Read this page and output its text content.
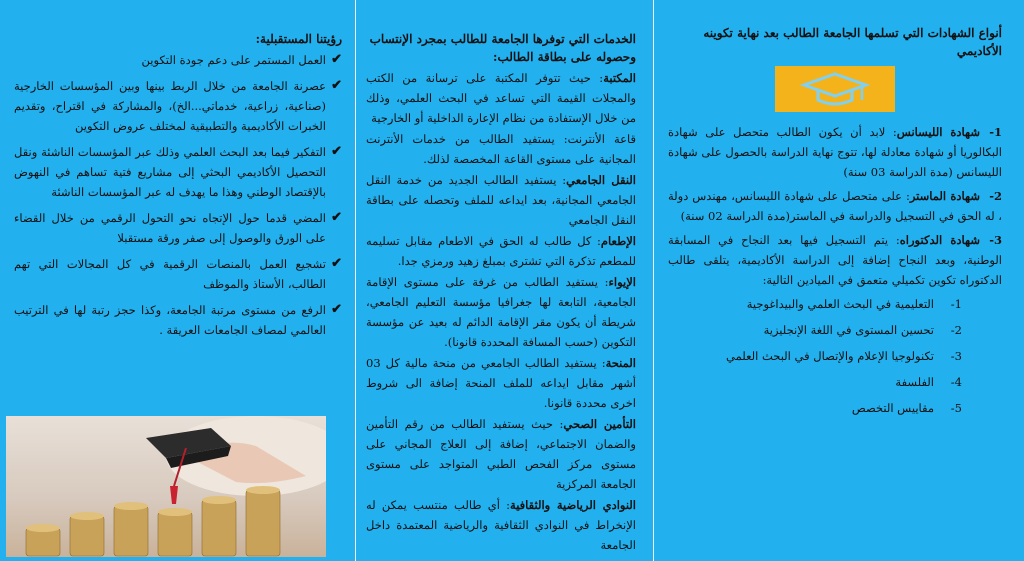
أنواع الشهادات التي تسلمها الجامعة الطالب بعد نهاية تكوينه الأكاديمي
1-شهادة الليسانس: لابد أن يكون الطالب متحصل على شهادة البكالوريا أو شهادة معادلة لها، تتوج نهاية الدراسة بالحصول على شهادة الليسانس (مدة الدراسة 03 سنة)
2-شهادة الماستر: على متحصل على شهادة الليسانس، مهندس دولة ، له الحق في التسجيل والدراسة في الماستر(مدة الدراسة 02 سنة)
3-شهادة الدكتوراه: يتم التسجيل فيها بعد النجاح في المسابقة الوطنية، وبعد النجاح إضافة إلى الدراسة الأكاديمية، يتلقى طالب الدكتوراه تكوين تكميلي متعمق في الميادين التالية:
1-التعليمية في البحث العلمي والبيداغوجية
2-تحسين المستوى في اللغة الإنجليزية
3-تكنولوجيا الإعلام والإتصال في البحث العلمي
4-الفلسفة
5-مقاييس التخصص
الخدمات التي توفرها الجامعة للطالب بمجرد الإنتساب وحصوله على بطاقة الطالب:
المكتبة: حيث تتوفر المكتبة على ترسانة من الكتب والمجلات القيمة التي تساعد في البحث العلمي، وذلك من خلال الإستفادة من نظام الإعارة الداخلية أو الخارجية
قاعة الأنترنت: يستفيد الطالب من خدمات الأنترنت المجانية على مستوى القاعة المخصصة لذلك.
النقل الجامعي: يستفيد الطالب الجديد من خدمة النقل الجامعي المجانية، بعد ايداعه للملف وتحصله على بطاقة النقل الجامعي
الإطعام: كل طالب له الحق في الاطعام مقابل تسليمه للمطعم تذكرة التي تشترى بمبلغ زهيد ورمزي جدا.
الإيواء: يستفيد الطالب من غرفة على مستوى الإقامة الجامعية، التابعة لها جغرافيا مؤسسة التعليم الجامعي، شريطة أن يكون مقر الإقامة الدائم له بعيد عن مؤسسة التكوين (حسب المسافة المحددة قانونا).
المنحة: يستفيد الطالب الجامعي من منحة مالية كل 03 أشهر مقابل ايداعه للملف المنحة إضافة الى شروط اخرى محددة قانونا.
التأمين الصحي: حيث يستفيد الطالب من رقم التأمين والضمان الاجتماعي، إضافة إلى العلاج المجاني على مستوى مركز الفحص الطبي المتواجد على مستوى الجامعة المركزية
النوادي الرياضية والثقافية: أي طالب منتسب يمكن له الإنخراط في النوادي الثقافية والرياضية المعتمدة داخل الجامعة
رؤيتنا المستقبلية:
✔
العمل المستمر على دعم جودة التكوين
✔
عصرنة الجامعة من خلال الربط بينها وبين المؤسسات الخارجية (صناعية، زراعية، خدماتي...الخ)، والمشاركة في اقتراح، وتقديم الخبرات الأكاديمية والتطبيقية لمختلف عروض التكوين
✔
التفكير فيما بعد البحث العلمي وذلك عبر المؤسسات الناشئة ونقل التحصيل الأكاديمي البحثي إلى مشاريع فتية تساهم في النهوض بالإقتصاد الوطني وهذا ما يهدف له عبر المؤسسات الناشئة
✔
المضي قدما حول الإتجاه نحو التحول الرقمي من خلال القضاء على الورق والوصول إلى صفر ورقة مستقبلا
✔
تشجيع العمل بالمنصات الرقمية في كل المجالات التي تهم الطالب، الأستاذ والموظف
✔
الرفع من مستوى مرتبة الجامعة، وكذا حجز رتبة لها في الترتيب العالمي لمصاف الجامعات العريقة .
